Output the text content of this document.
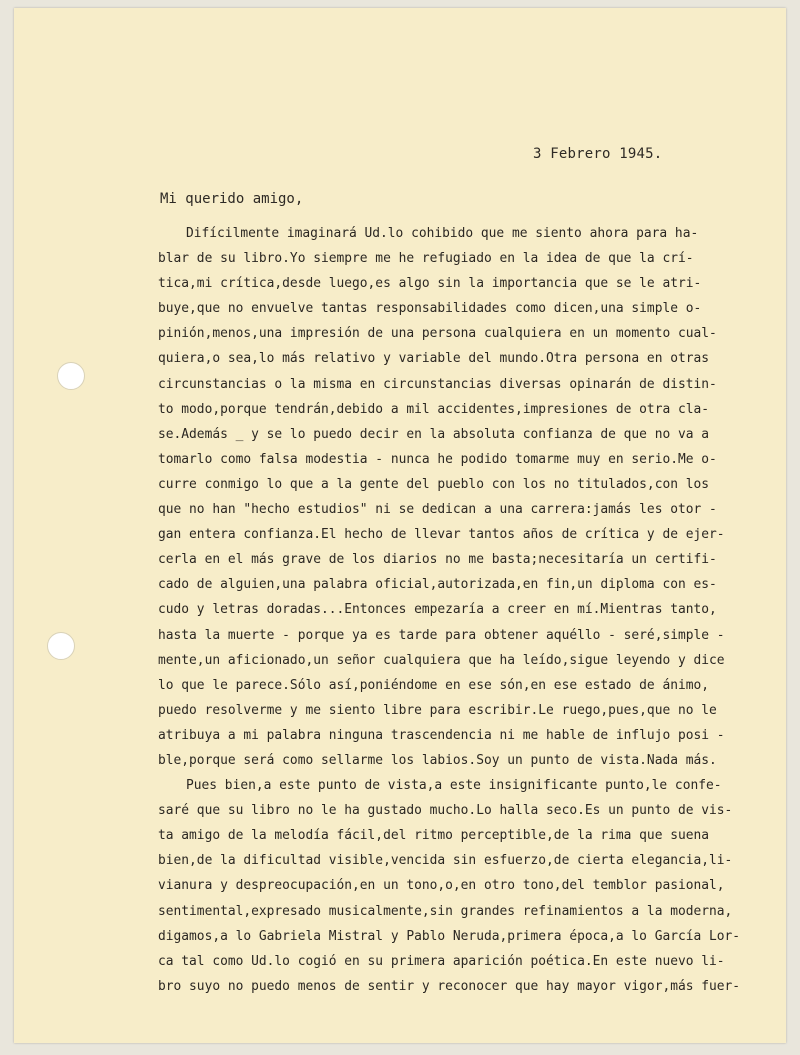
3 Febrero 1945.
Mi querido amigo,
Difícilmente imaginará Ud.lo cohibido que me siento ahora para ha-
blar de su libro.Yo siempre me he refugiado en la idea de que la crí-
tica,mi crítica,desde luego,es algo sin la importancia que se le atri-
buye,que no envuelve tantas responsabilidades como dicen,una simple o-
pinión,menos,una impresión de una persona cualquiera en un momento cual-
quiera,o sea,lo más relativo y variable del mundo.Otra persona en otras
circunstancias o la misma en circunstancias diversas opinarán de distin-
to modo,porque tendrán,debido a mil accidentes,impresiones de otra cla-
se.Además _ y se lo puedo decir en la absoluta confianza de que no va a
tomarlo como falsa modestia - nunca he podido tomarme muy en serio.Me o-
curre conmigo lo que a la gente del pueblo con los no titulados,con los
que no han "hecho estudios" ni se dedican a una carrera:jamás les otor -
gan entera confianza.El hecho de llevar tantos años de crítica y de ejer-
cerla en el más grave de los diarios no me basta;necesitaría un certifi-
cado de alguien,una palabra oficial,autorizada,en fin,un diploma con es-
cudo y letras doradas...Entonces empezaría a creer en mí.Mientras tanto,
hasta la muerte - porque ya es tarde para obtener aquéllo - seré,simple -
mente,un aficionado,un señor cualquiera que ha leído,sigue leyendo y dice
lo que le parece.Sólo así,poniéndome en ese són,en ese estado de ánimo,
puedo resolverme y me siento libre para escribir.Le ruego,pues,que no le
atribuya a mi palabra ninguna trascendencia ni me hable de influjo posi -
ble,porque será como sellarme los labios.Soy un punto de vista.Nada más.
Pues bien,a este punto de vista,a este insignificante punto,le confe-
saré que su libro no le ha gustado mucho.Lo halla seco.Es un punto de vis-
ta amigo de la melodía fácil,del ritmo perceptible,de la rima que suena
bien,de la dificultad visible,vencida sin esfuerzo,de cierta elegancia,li-
vianura y despreocupación,en un tono,o,en otro tono,del temblor pasional,
sentimental,expresado musicalmente,sin grandes refinamientos a la moderna,
digamos,a lo Gabriela Mistral y Pablo Neruda,primera época,a lo García Lor-
ca tal como Ud.lo cogió en su primera aparición poética.En este nuevo li-
bro suyo no puedo menos de sentir y reconocer que hay mayor vigor,más fuer-
